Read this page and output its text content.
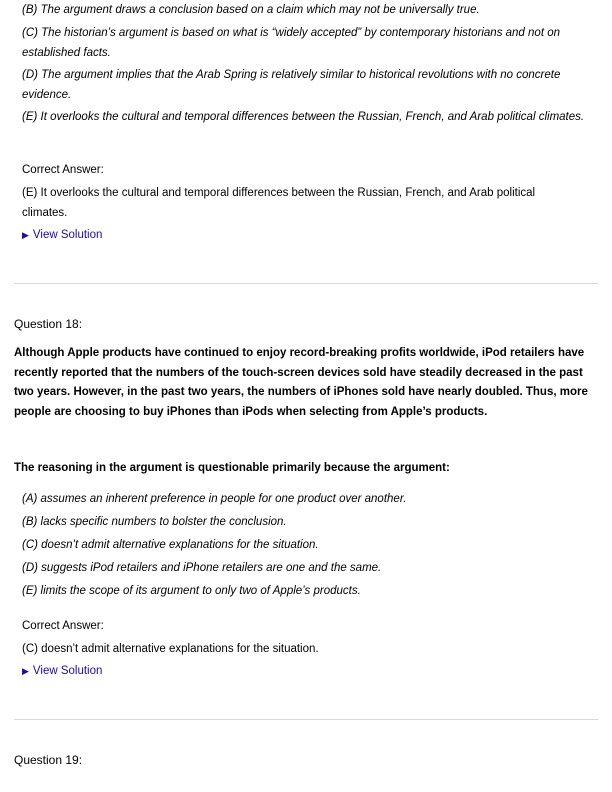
(B) The argument draws a conclusion based on a claim which may not be universally true.
(C) The historian’s argument is based on what is “widely accepted” by contemporary historians and not on established facts.
(D) The argument implies that the Arab Spring is relatively similar to historical revolutions with no concrete evidence.
(E) It overlooks the cultural and temporal differences between the Russian, French, and Arab political climates.
Correct Answer:
(E) It overlooks the cultural and temporal differences between the Russian, French, and Arab political climates.
▶ View Solution
Question 18:
Although Apple products have continued to enjoy record-breaking profits worldwide, iPod retailers have recently reported that the numbers of the touch-screen devices sold have steadily decreased in the past two years. However, in the past two years, the numbers of iPhones sold have nearly doubled. Thus, more people are choosing to buy iPhones than iPods when selecting from Apple’s products.
The reasoning in the argument is questionable primarily because the argument:
(A) assumes an inherent preference in people for one product over another.
(B) lacks specific numbers to bolster the conclusion.
(C) doesn’t admit alternative explanations for the situation.
(D) suggests iPod retailers and iPhone retailers are one and the same.
(E) limits the scope of its argument to only two of Apple’s products.
Correct Answer:
(C) doesn’t admit alternative explanations for the situation.
▶ View Solution
Question 19:
